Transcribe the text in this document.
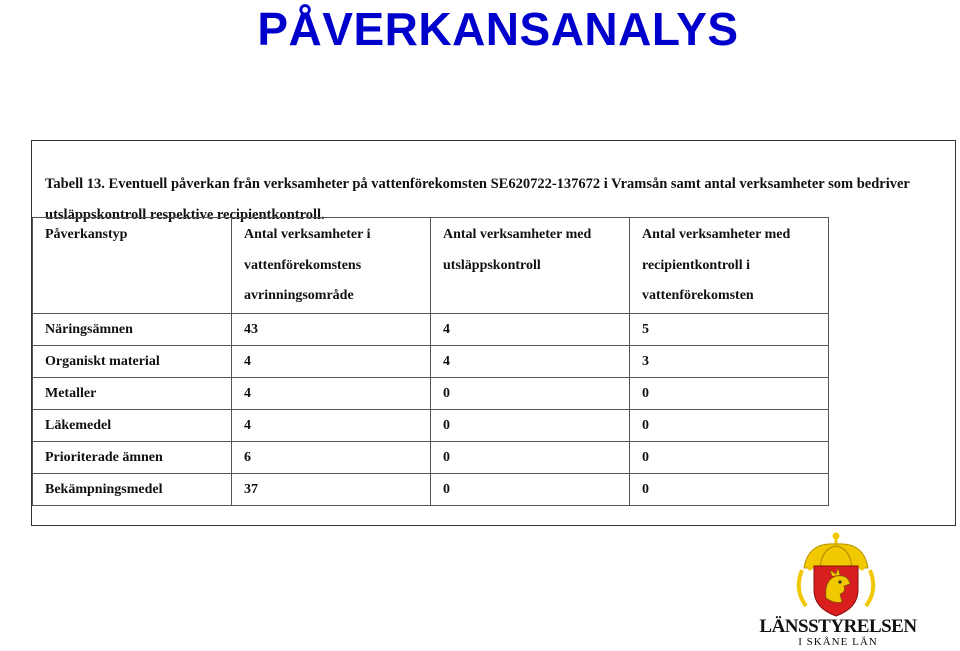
PÅVERKANSANALYS
Tabell 13. Eventuell påverkan från verksamheter på vattenförekomsten SE620722-137672 i Vramsån samt antal verksamheter som bedriver utsläppskontroll respektive recipientkontroll.
Påverkanstyp	Antal verksamheter i vattenförekomstens avrinningsområde	Antal verksamheter med utsläppskontroll	Antal verksamheter med recipientkontroll i vattenförekomsten
Näringsämnen	43	4	5
Organiskt material	4	4	3
Metaller	4	0	0
Läkemedel	4	0	0
Prioriterade ämnen	6	0	0
Bekämpningsmedel	37	0	0
LÄNSSTYRELSEN
I SKÅNE LÄN
